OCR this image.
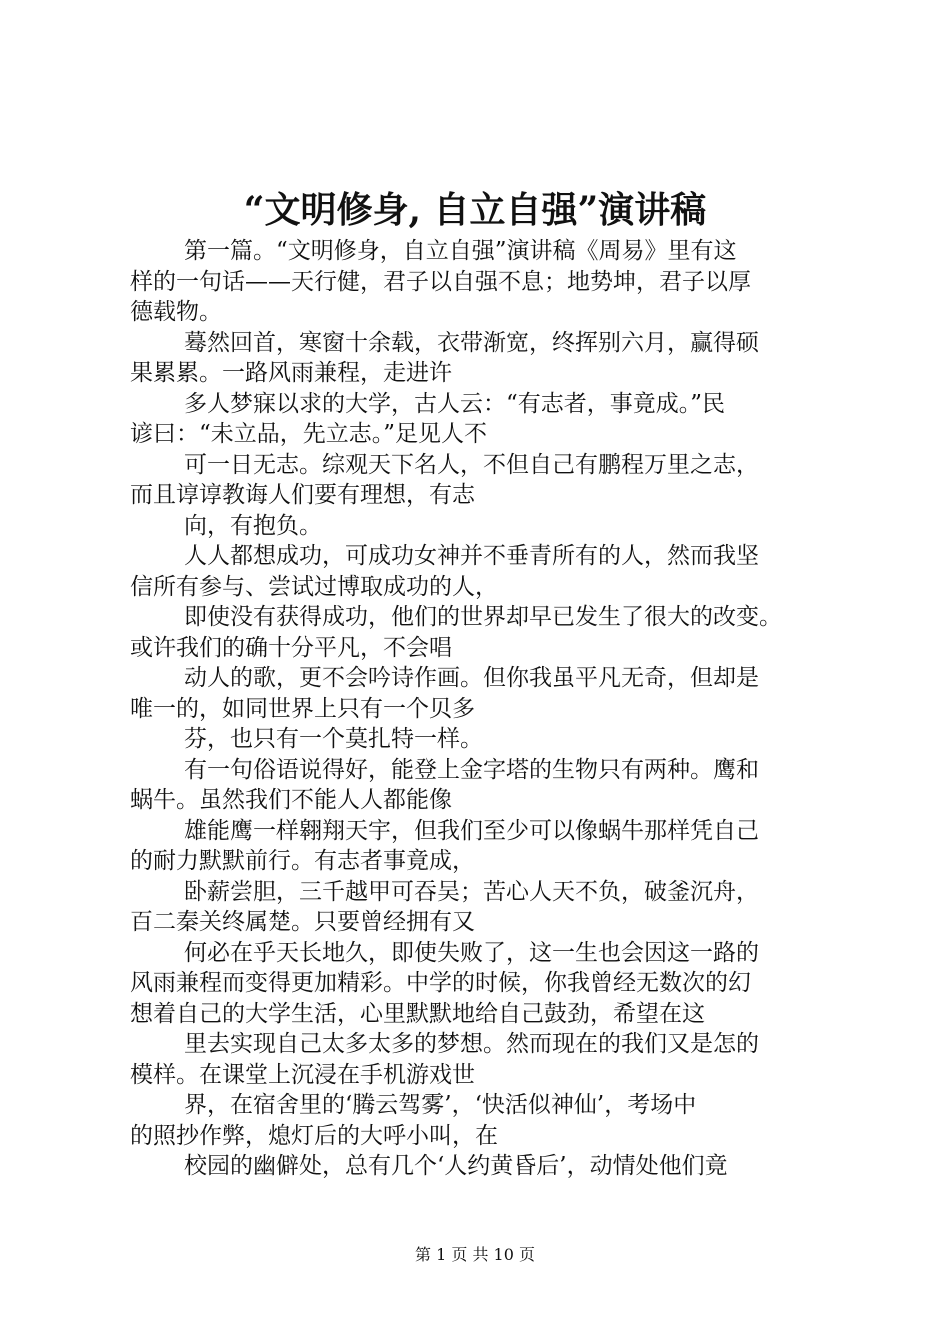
“文明修身, 自立自强”演讲稿
第一篇。“文明修身，自立自强”演讲稿《周易》里有这
样的一句话——天行健，君子以自强不息；地势坤，君子以厚
德载物。
蓦然回首，寒窗十余载，衣带渐宽，终挥别六月，赢得硕
果累累。一路风雨兼程，走进许
多人梦寐以求的大学，古人云：“有志者，事竟成。”民
谚曰：“未立品，先立志。”足见人不
可一日无志。综观天下名人，不但自己有鹏程万里之志，
而且谆谆教诲人们要有理想，有志
向，有抱负。
人人都想成功，可成功女神并不垂青所有的人，然而我坚
信所有参与、尝试过博取成功的人，
即使没有获得成功，他们的世界却早已发生了很大的改变。
或许我们的确十分平凡，不会唱
动人的歌，更不会吟诗作画。但你我虽平凡无奇，但却是
唯一的，如同世界上只有一个贝多
芬，也只有一个莫扎特一样。
有一句俗语说得好，能登上金字塔的生物只有两种。鹰和
蜗牛。虽然我们不能人人都能像
雄能鹰一样翱翔天宇，但我们至少可以像蜗牛那样凭自己
的耐力默默前行。有志者事竟成，
卧薪尝胆，三千越甲可吞吴；苦心人天不负，破釜沉舟，
百二秦关终属楚。只要曾经拥有又
何必在乎天长地久，即使失败了，这一生也会因这一路的
风雨兼程而变得更加精彩。中学的时候，你我曾经无数次的幻
想着自己的大学生活，心里默默地给自己鼓劲，希望在这
里去实现自己太多太多的梦想。然而现在的我们又是怎的
模样。在课堂上沉浸在手机游戏世
界，在宿舍里的‘腾云驾雾’，‘快活似神仙’，考场中
的照抄作弊，熄灯后的大呼小叫，在
校园的幽僻处，总有几个‘人约黄昏后’，动情处他们竟
第 1 页 共 10 页
